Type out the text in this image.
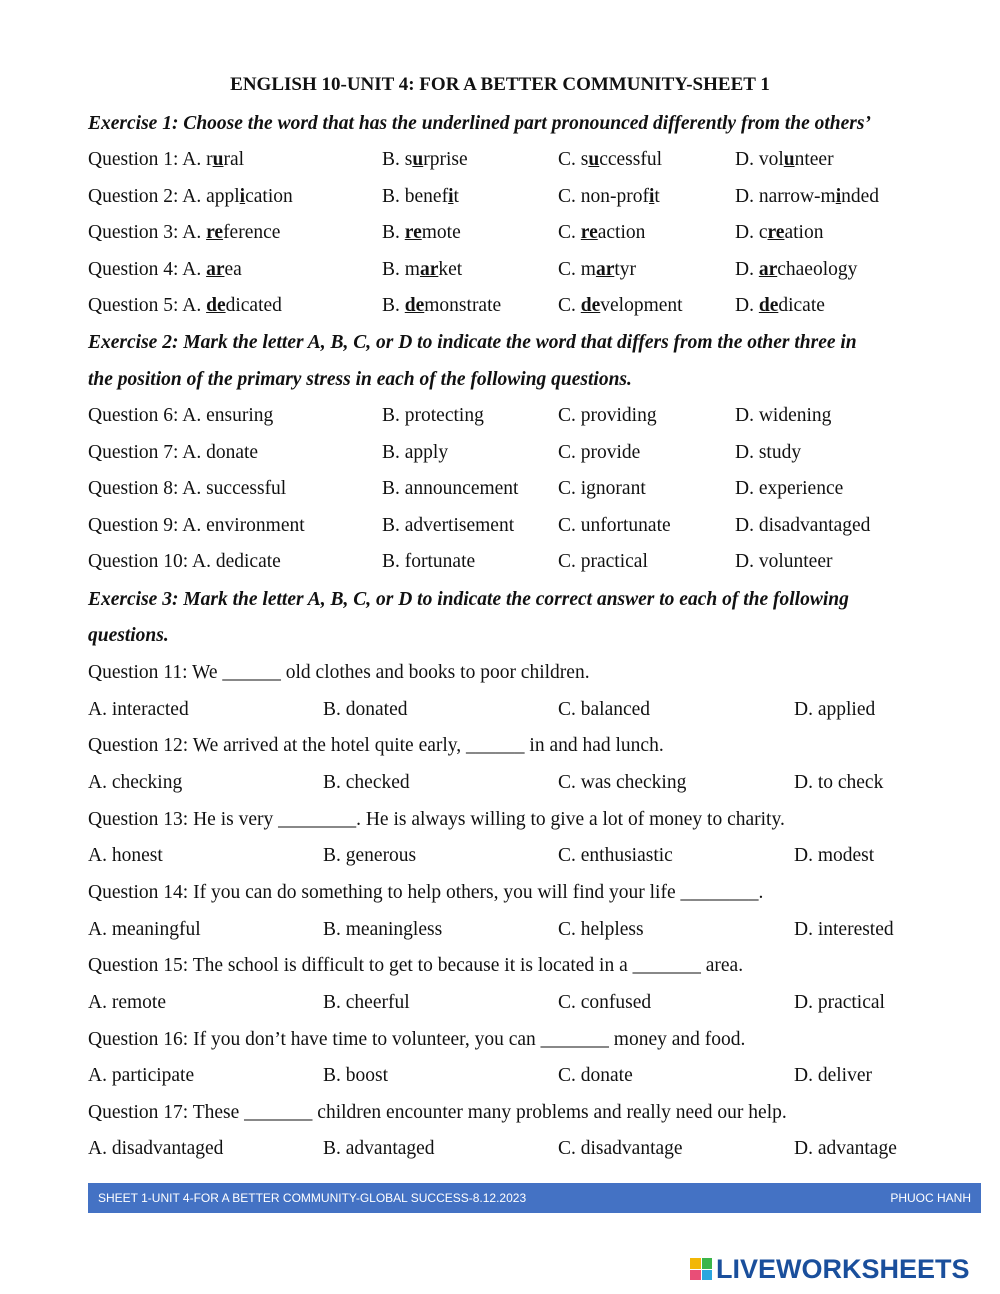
ENGLISH 10-UNIT 4: FOR A BETTER COMMUNITY-SHEET 1
Exercise 1: Choose the word that has the underlined part pronounced differently from the others’
Question 1: A. rural	B. surprise	C. successful	D. volunteer
Question 2: A. application	B. benefit	C. non-profit	D. narrow-minded
Question 3: A. reference	B. remote	C. reaction	D. creation
Question 4: A. area	B. market	C. martyr	D. archaeology
Question 5: A. dedicated	B. demonstrate	C. development	D. dedicate
Exercise 2: Mark the letter A, B, C, or D to indicate the word that differs from the other three in
the position of the primary stress in each of the following questions.
Question 6: A. ensuring	B. protecting	C. providing	D. widening
Question 7: A. donate	B. apply	C. provide	D. study
Question 8: A. successful	B. announcement C. ignorant	D. experience
Question 9: A. environment	B. advertisement C. unfortunate	D. disadvantaged
Question 10: A. dedicate	B. fortunate	C. practical	D. volunteer
Exercise 3: Mark the letter A, B, C, or D to indicate the correct answer to each of the following
questions.
Question 11: We ______ old clothes and books to poor children.
A. interacted	B. donated	C. balanced	D. applied
Question 12: We arrived at the hotel quite early, ______ in and had lunch.
A. checking	B. checked	C. was checking	D. to check
Question 13: He is very ________. He is always willing to give a lot of money to charity.
A. honest	B. generous	C. enthusiastic	D. modest
Question 14: If you can do something to help others, you will find your life ________.
A. meaningful	B. meaningless	C. helpless	D. interested
Question 15: The school is difficult to get to because it is located in a _______ area.
A. remote	B. cheerful	C. confused	D. practical
Question 16: If you don’t have time to volunteer, you can _______ money and food.
A. participate	B. boost	C. donate	D. deliver
Question 17: These _______ children encounter many problems and really need our help.
A. disadvantaged	B. advantaged	C. disadvantage	D. advantage
SHEET 1-UNIT 4-FOR A BETTER COMMUNITY-GLOBAL SUCCESS-8.12.2023	PHUOC HANH
LIVEWORKSHEETS
